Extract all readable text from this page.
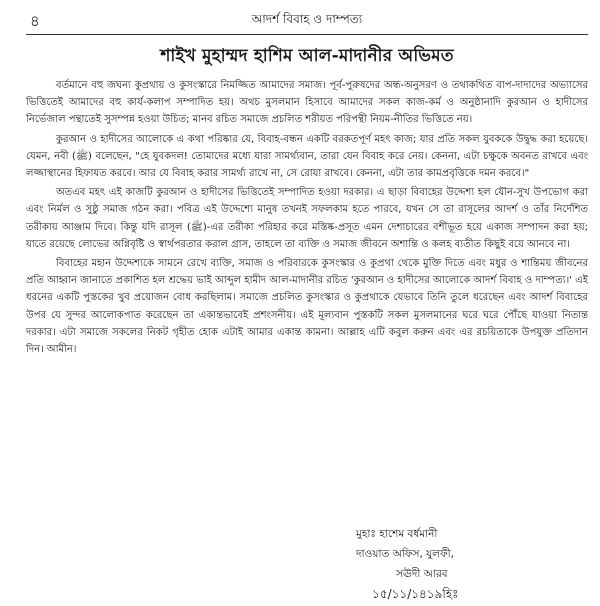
৪	আদর্শ বিবাহ ও দাম্পত্য
শাইখ মুহাম্মদ হাশিম আল-মাদানীর অভিমত

বর্তমানে বহু জঘন্য কুপ্রথায় ও কুসংস্কারে নিমজ্জিত আমাদের সমাজ। পূর্ব-পুরুষদের অন্ধ-অনুসরণ ও তথাকথিত বাপ-দাদাদের অভ্যাসের ভিত্তিতেই আমাদের বহু কার্য-কলাপ সম্পাদিত হয়। অথচ মুসলমান হিসাবে আমাদের সকল কাজ-কর্ম ও অনুষ্ঠানাদি কুরআন ও হাদীসের নির্ভেজাল পন্থাতেই সুসম্পন্ন হওয়া উচিত; মানব রচিত সমাজে প্রচলিত শরীয়ত পরিপন্থী নিয়ম-নীতির ভিত্তিতে নয়।

কুরআন ও হাদীসের আলোকে এ কথা পরিষ্কার যে, বিবাহ-বন্ধন একটি বরকতপূর্ণ মহৎ কাজ; যার প্রতি সকল যুবককে উদ্বুদ্ধ করা হয়েছে। যেমন, নবী (ﷺ) বলেছেন, "হে যুবকদল! তোমাদের মধ্যে যারা সামর্থ্যবান, তারা যেন বিবাহ করে নেয়। কেননা, এটা চক্ষুকে অবনত রাখবে এবং লজ্জাস্থানের হিফাযত করবে। আর যে বিবাহ করার সামর্থ্য রাখে না, সে রোযা রাখবে। কেননা, এটা তার কামপ্রবৃত্তিকে দমন করবে।"

অতএব মহৎ এই কাজটি কুরআন ও হাদীসের ভিত্তিতেই সম্পাদিত হওয়া দরকার। এ ছাড়া বিবাহের উদ্দেশ্য হল যৌন-সুখ উপভোগ করা এবং নির্মল ও সুষ্ঠু সমাজ গঠন করা। পবিত্র এই উদ্দেশ্যে মানুষ তখনই সফলকাম হতে পারবে, যখন সে তা রাসূলের আদর্শ ও তাঁর নির্দেশিত তরীকায় আঞ্জাম দিবে। কিন্তু যদি রাসূল (ﷺ)-এর তরীকা পরিহার করে মস্তিষ্ক-প্রসূত এমন দেশাচারের বশীভূত হয়ে একাজ সম্পাদন করা হয়; যাতে রয়েছে লোভের অগ্নিবৃষ্টি ও স্বার্থপরতার করাল গ্রাস, তাহলে তা ব্যক্তি ও সমাজ জীবনে অশান্তি ও কলহ ব্যতীত কিছুই বয়ে আনবে না।

বিবাহের মহান উদ্দেশ্যকে সামনে রেখে ব্যক্তি, সমাজ ও পরিবারকে কুসংস্কার ও কুপ্রথা থেকে মুক্তি দিতে এবং মধুর ও শান্তিময় জীবনের প্রতি আহ্বান জানাতে প্রকাশিত হল শ্রদ্ধেয় ভাই আব্দুল হামীদ আল-মাদানীর রচিত 'কুরআন ও হাদীসের আলোকে আদর্শ বিবাহ ও দাম্পত্য।' এই ধরনের একটি পুস্তকের খুব প্রয়োজন বোধ করছিলাম। সমাজে প্রচলিত কুসংস্কার ও কুপ্রথাকে যেভাবে তিনি তুলে ধরেছেন এবং আদর্শ বিবাহের উপর যে সুন্দর আলোকপাত করেছেন তা একান্তভাবেই প্রশংসনীয়। এই মূল্যবান পুস্তকটি সকল মুসলমানের ঘরে ঘরে পৌঁছে যাওয়া নিতান্ত দরকার। এটা সমাজে সকলের নিকট গৃহীত হোক এটাই আমার একান্ত কামনা। আল্লাহ এটি কবুল করুন এবং এর রচয়িতাকে উপযুক্ত প্রতিদান দিন। আমীন।

মুহাঃ হাশেম বর্ধমানী
দাওয়াত অফিস, যুলফী,
সঊদী আরব
১৫/১১/১৪১৯হিঃ
